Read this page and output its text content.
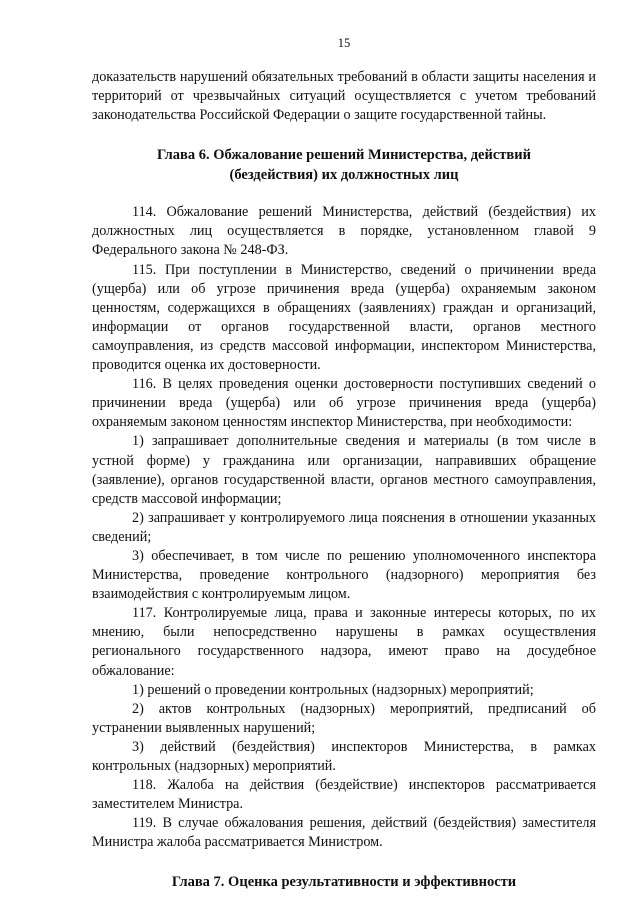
15

доказательств нарушений обязательных требований в области защиты населения и территорий от чрезвычайных ситуаций осуществляется с учетом требований законодательства Российской Федерации о защите государственной тайны.

Глава 6. Обжалование решений Министерства, действий (бездействия) их должностных лиц

114. Обжалование решений Министерства, действий (бездействия) их должностных лиц осуществляется в порядке, установленном главой 9 Федерального закона № 248-ФЗ.

115. При поступлении в Министерство, сведений о причинении вреда (ущерба) или об угрозе причинения вреда (ущерба) охраняемым законом ценностям, содержащихся в обращениях (заявлениях) граждан и организаций, информации от органов государственной власти, органов местного самоуправления, из средств массовой информации, инспектором Министерства, проводится оценка их достоверности.

116. В целях проведения оценки достоверности поступивших сведений о причинении вреда (ущерба) или об угрозе причинения вреда (ущерба) охраняемым законом ценностям инспектор Министерства, при необходимости:

1) запрашивает дополнительные сведения и материалы (в том числе в устной форме) у гражданина или организации, направивших обращение (заявление), органов государственной власти, органов местного самоуправления, средств массовой информации;

2) запрашивает у контролируемого лица пояснения в отношении указанных сведений;

3) обеспечивает, в том числе по решению уполномоченного инспектора Министерства, проведение контрольного (надзорного) мероприятия без взаимодействия с контролируемым лицом.

117. Контролируемые лица, права и законные интересы которых, по их мнению, были непосредственно нарушены в рамках осуществления регионального государственного надзора, имеют право на досудебное обжалование:

1) решений о проведении контрольных (надзорных) мероприятий;

2) актов контрольных (надзорных) мероприятий, предписаний об устранении выявленных нарушений;

3) действий (бездействия) инспекторов Министерства, в рамках контрольных (надзорных) мероприятий.

118. Жалоба на действия (бездействие) инспекторов рассматривается заместителем Министра.

119. В случае обжалования решения, действий (бездействия) заместителя Министра жалоба рассматривается Министром.

Глава 7. Оценка результативности и эффективности
